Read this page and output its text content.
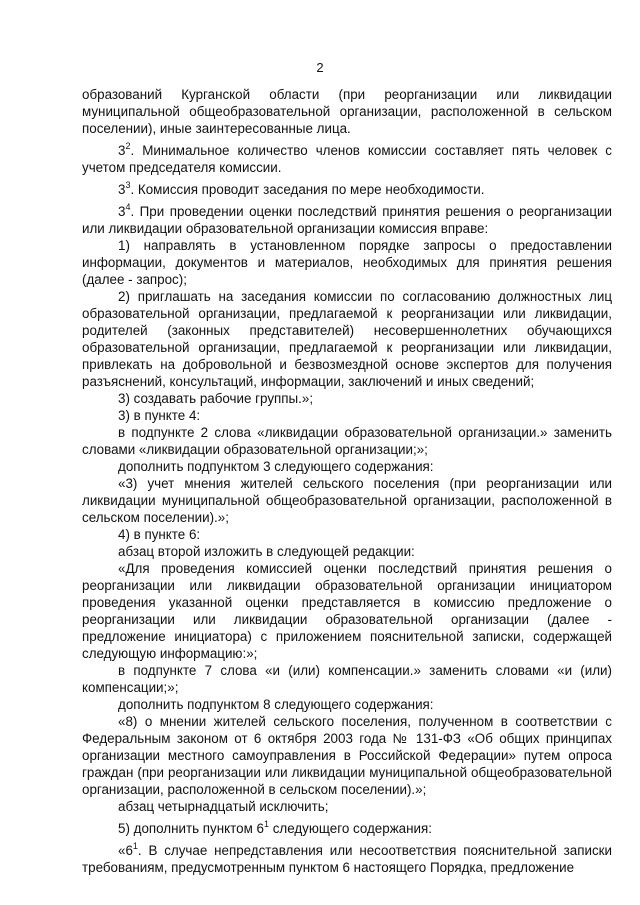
2

образований Курганской области (при реорганизации или ликвидации муниципальной общеобразовательной организации, расположенной в сельском поселении), иные заинтересованные лица.

$3^2$. Минимальное количество членов комиссии составляет пять человек с учетом председателя комиссии.

$3^3$. Комиссия проводит заседания по мере необходимости.

$3^4$. При проведении оценки последствий принятия решения о реорганизации или ликвидации образовательной организации комиссия вправе:

1) направлять в установленном порядке запросы о предоставлении информации, документов и материалов, необходимых для принятия решения (далее - запрос);

2) приглашать на заседания комиссии по согласованию должностных лиц образовательной организации, предлагаемой к реорганизации или ликвидации, родителей (законных представителей) несовершеннолетних обучающихся образовательной организации, предлагаемой к реорганизации или ликвидации, привлекать на добровольной и безвозмездной основе экспертов для получения разъяснений, консультаций, информации, заключений и иных сведений;

3) создавать рабочие группы.»;

3) в пункте 4:

в подпункте 2 слова «ликвидации образовательной организации.» заменить словами «ликвидации образовательной организации;»;

дополнить подпунктом 3 следующего содержания:

«3) учет мнения жителей сельского поселения (при реорганизации или ликвидации муниципальной общеобразовательной организации, расположенной в сельском поселении).»;

4) в пункте 6:

абзац второй изложить в следующей редакции:

«Для проведения комиссией оценки последствий принятия решения о реорганизации или ликвидации образовательной организации инициатором проведения указанной оценки представляется в комиссию предложение о реорганизации или ликвидации образовательной организации (далее - предложение инициатора) с приложением пояснительной записки, содержащей следующую информацию:»;

в подпункте 7 слова «и (или) компенсации.» заменить словами «и (или) компенсации;»;

дополнить подпунктом 8 следующего содержания:

«8) о мнении жителей сельского поселения, полученном в соответствии с Федеральным законом от 6 октября 2003 года № 131-ФЗ «Об общих принципах организации местного самоуправления в Российской Федерации» путем опроса граждан (при реорганизации или ликвидации муниципальной общеобразовательной организации, расположенной в сельском поселении).»;

абзац четырнадцатый исключить;

5) дополнить пунктом $6^1$ следующего содержания:

«$6^1$. В случае непредставления или несоответствия пояснительной записки требованиям, предусмотренным пунктом 6 настоящего Порядка, предложение
